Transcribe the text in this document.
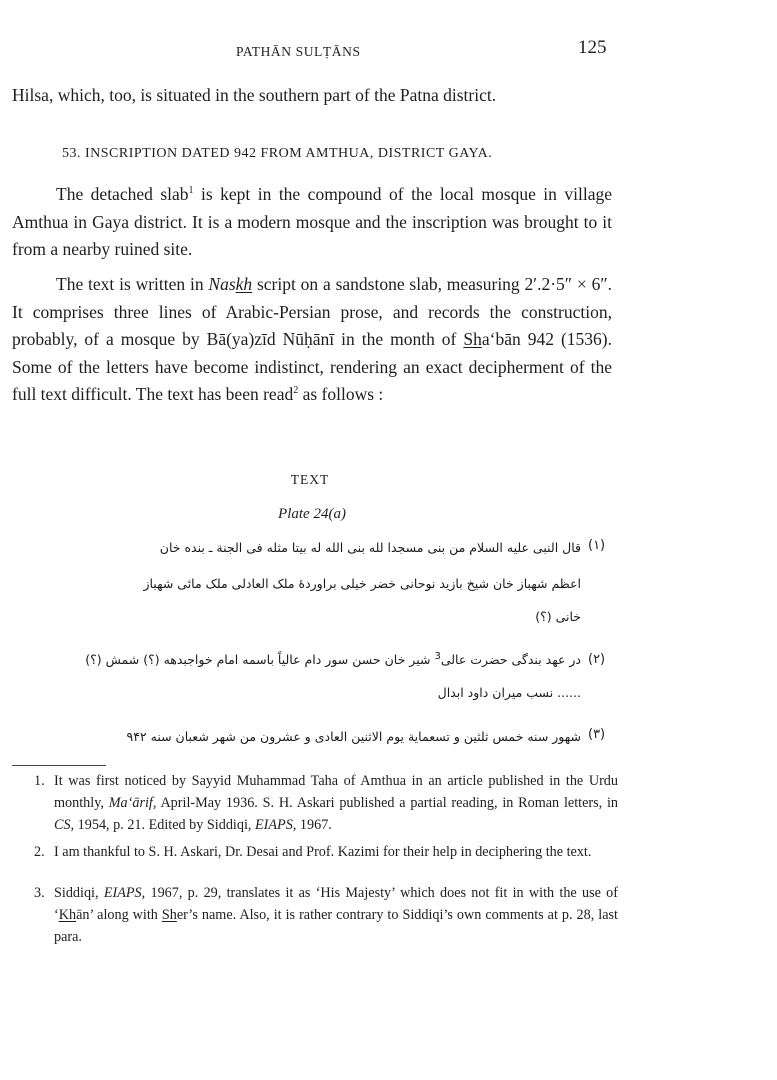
PATHĀN SULṬĀNS	125

Hilsa, which, too, is situated in the southern part of the Patna district.

53. INSCRIPTION DATED 942 FROM AMTHUA, DISTRICT GAYA.

The detached slab$^1$ is kept in the compound of the local mosque in village Amthua in Gaya district. It is a modern mosque and the inscription was brought to it from a nearby ruined site.

The text is written in Naskh script on a sandstone slab, measuring 2′.2·5″ × 6″. It comprises three lines of Arabic-Persian prose, and records the construction, probably, of a mosque by Bā(ya)zīd Nūḥānī in the month of Sha‘bān 942 (1536). Some of the letters have become indistinct, rendering an exact decipherment of the full text difficult. The text has been read$^2$ as follows :

TEXT
Plate 24(a)
(۱)
قال النبی علیه السلام من بنی مسجدا لله بنی الله له بیتا مثله فی الجنة ـ بنده خان
اعظم شهباز خان شیخ بازید نوحانی خضر خیلی براوردهٔ ملک العادلی ملک مائی شهباز
خانی (؟)
(۲)
در عهد بندگی حضرت عالی$^3$ شیر خان حسن سور دام عالیاً باسمه امام خواجبدهه (؟) شمش (؟)
...... نسب میران داود ابدال
(۳)
شهور سنه خمس ثلثین و تسعمایة یوم الاثنین العادی و عشرون من شهر شعبان سنه ۹۴۲

1. It was first noticed by Sayyid Muhammad Taha of Amthua in an article published in the Urdu monthly, Ma‘ārif, April-May 1936. S. H. Askari published a partial reading, in Roman letters, in CS, 1954, p. 21. Edited by Siddiqi, EIAPS, 1967.

2. I am thankful to S. H. Askari, Dr. Desai and Prof. Kazimi for their help in deciphering the text.

3. Siddiqi, EIAPS, 1967, p. 29, translates it as ‘His Majesty’ which does not fit in with the use of ‘Khān’ along with Sher’s name. Also, it is rather contrary to Siddiqi’s own comments at p. 28, last para.
